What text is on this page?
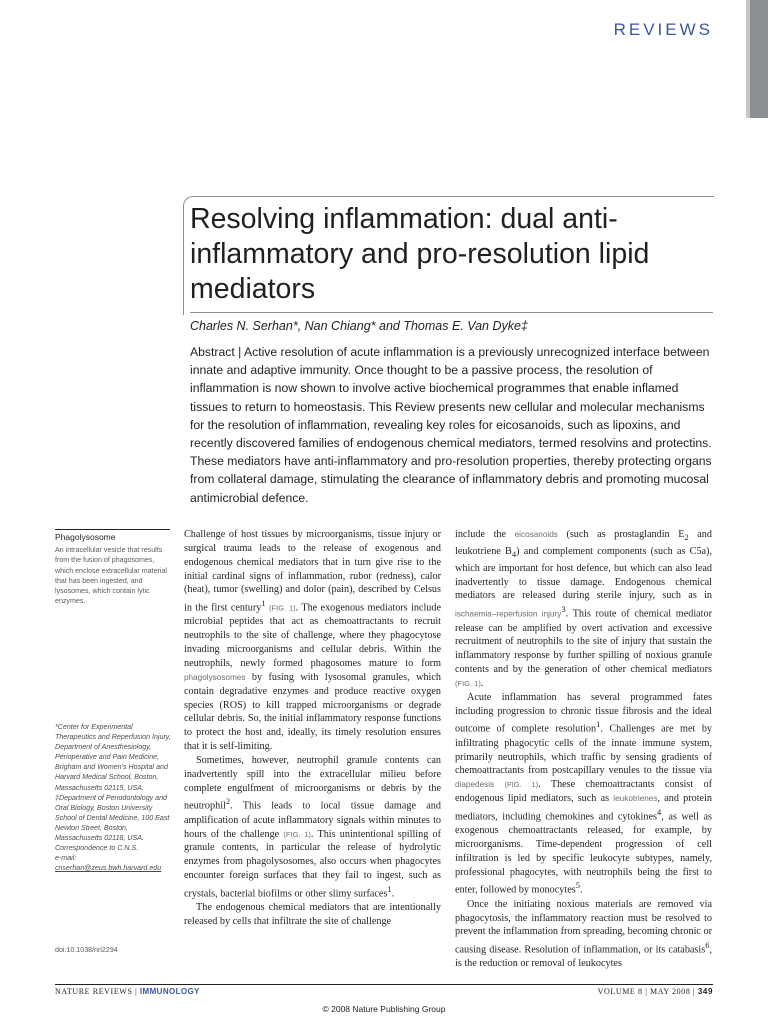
REVIEWS
Resolving inflammation: dual anti-inflammatory and pro-resolution lipid mediators
Charles N. Serhan*, Nan Chiang* and Thomas E. Van Dyke‡

Abstract | Active resolution of acute inflammation is a previously unrecognized interface between innate and adaptive immunity. Once thought to be a passive process, the resolution of inflammation is now shown to involve active biochemical programmes that enable inflamed tissues to return to homeostasis. This Review presents new cellular and molecular mechanisms for the resolution of inflammation, revealing key roles for eicosanoids, such as lipoxins, and recently discovered families of endogenous chemical mediators, termed resolvins and protectins. These mediators have anti-inflammatory and pro-resolution properties, thereby protecting organs from collateral damage, stimulating the clearance of inflammatory debris and promoting mucosal antimicrobial defence.

Phagolysosome

An intracellular vesicle that results from the fusion of phagosomes, which enclose extracellular material that has been ingested, and lysosomes, which contain lytic enzymes.

*Center for Experimental Therapeutics and Reperfusion Injury, Department of Anesthesiology, Perioperative and Pain Medicine, Brigham and Women's Hospital and Harvard Medical School, Boston, Massachusetts 02115, USA.
‡Department of Periodontology and Oral Biology, Boston University School of Dental Medicine, 100 East Newton Street, Boston, Massachusetts 02118, USA.
Correspondence to C.N.S.
e-mail: cnserhan@zeus.bwh.harvard.edu

doi:10.1038/nri2294

Challenge of host tissues by microorganisms, tissue injury or surgical trauma leads to the release of exogenous and endogenous chemical mediators that in turn give rise to the initial cardinal signs of inflammation, rubor (redness), calor (heat), tumor (swelling) and dolor (pain), described by Celsus in the first century$^1$ (FIG. 1). The exogenous mediators include microbial peptides that act as chemoattractants to recruit neutrophils to the site of challenge, where they phagocytose invading microorganisms and cellular debris. Within the neutrophils, newly formed phagosomes mature to form phagolysosomes by fusing with lysosomal granules, which contain degradative enzymes and produce reactive oxygen species (ROS) to kill trapped microorganisms or degrade cellular debris. So, the initial inflammatory response functions to protect the host and, ideally, its timely resolution ensures that it is self-limiting.

Sometimes, however, neutrophil granule contents can inadvertently spill into the extracellular milieu before complete engulfment of microorganisms or debris by the neutrophil$^2$. This leads to local tissue damage and amplification of acute inflammatory signals within minutes to hours of the challenge (FIG. 1). This unintentional spilling of granule contents, in particular the release of hydrolytic enzymes from phagolysosomes, also occurs when phagocytes encounter foreign surfaces that they fail to ingest, such as crystals, bacterial biofilms or other slimy surfaces$^1$.

The endogenous chemical mediators that are intentionally released by cells that infiltrate the site of challenge

include the eicosanoids (such as prostaglandin $E_2$ and leukotriene $B_4$) and complement components (such as C5a), which are important for host defence, but which can also lead inadvertently to tissue damage. Endogenous chemical mediators are released during sterile injury, such as in ischaemia–reperfusion injury$^3$. This route of chemical mediator release can be amplified by overt activation and excessive recruitment of neutrophils to the site of injury that sustain the inflammatory response by further spilling of noxious granule contents and by the generation of other chemical mediators (FIG. 1).

Acute inflammation has several programmed fates including progression to chronic tissue fibrosis and the ideal outcome of complete resolution$^1$. Challenges are met by infiltrating phagocytic cells of the innate immune system, primarily neutrophils, which traffic by sensing gradients of chemoattractants from postcapillary venules to the tissue via diapedesis (FIG. 1). These chemoattractants consist of endogenous lipid mediators, such as leukotrienes, and protein mediators, including chemokines and cytokines$^4$, as well as exogenous chemoattractants released, for example, by microorganisms. Time-dependent progression of cell infiltration is led by specific leukocyte subtypes, namely, professional phagocytes, with neutrophils being the first to enter, followed by monocytes$^5$.

Once the initiating noxious materials are removed via phagocytosis, the inflammatory reaction must be resolved to prevent the inflammation from spreading, becoming chronic or causing disease. Resolution of inflammation, or its catabasis$^6$, is the reduction or removal of leukocytes

NATURE REVIEWS | IMMUNOLOGY	VOLUME 8 | MAY 2008 | 349
© 2008 Nature Publishing Group
